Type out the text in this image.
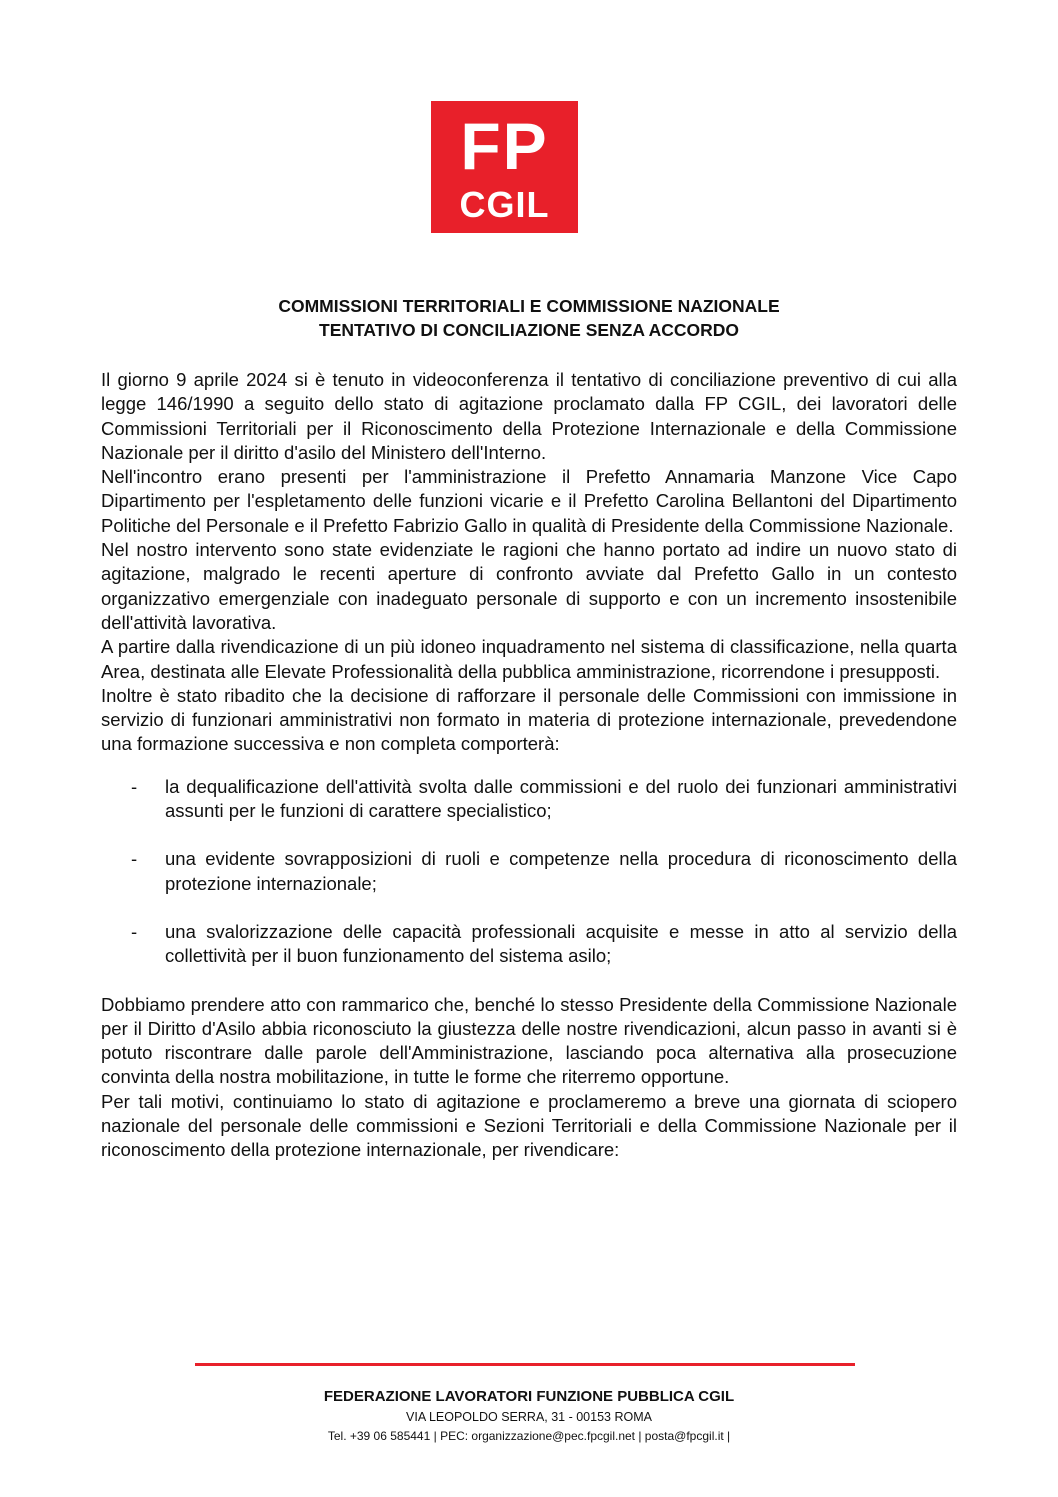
FP
CGIL
COMMISSIONI TERRITORIALI E COMMISSIONE NAZIONALE
TENTATIVO DI CONCILIAZIONE SENZA ACCORDO

Il giorno 9 aprile 2024 si è tenuto in videoconferenza il tentativo di conciliazione preventivo di cui alla legge 146/1990 a seguito dello stato di agitazione proclamato dalla FP CGIL, dei lavoratori delle Commissioni Territoriali per il Riconoscimento della Protezione Internazionale e della Commissione Nazionale per il diritto d'asilo del Ministero dell'Interno.

Nell'incontro erano presenti per l'amministrazione il Prefetto Annamaria Manzone Vice Capo Dipartimento per l'espletamento delle funzioni vicarie e il Prefetto Carolina Bellantoni del Dipartimento Politiche del Personale e il Prefetto Fabrizio Gallo in qualità di Presidente della Commissione Nazionale.

Nel nostro intervento sono state evidenziate le ragioni che hanno portato ad indire un nuovo stato di agitazione, malgrado le recenti aperture di confronto avviate dal Prefetto Gallo in un contesto organizzativo emergenziale con inadeguato personale di supporto e con un incremento insostenibile dell'attività lavorativa.

A partire dalla rivendicazione di un più idoneo inquadramento nel sistema di classificazione, nella quarta Area, destinata alle Elevate Professionalità della pubblica amministrazione, ricorrendone i presupposti.

Inoltre è stato ribadito che la decisione di rafforzare il personale delle Commissioni con immissione in servizio di funzionari amministrativi non formato in materia di protezione internazionale, prevedendone una formazione successiva e non completa comporterà:

- la dequalificazione dell'attività svolta dalle commissioni e del ruolo dei funzionari amministrativi assunti per le funzioni di carattere specialistico;
- una evidente sovrapposizioni di ruoli e competenze nella procedura di riconoscimento della protezione internazionale;
- una svalorizzazione delle capacità professionali acquisite e messe in atto al servizio della collettività per il buon funzionamento del sistema asilo;

Dobbiamo prendere atto con rammarico che, benché lo stesso Presidente della Commissione Nazionale per il Diritto d'Asilo abbia riconosciuto la giustezza delle nostre rivendicazioni, alcun passo in avanti si è potuto riscontrare dalle parole dell'Amministrazione, lasciando poca alternativa alla prosecuzione convinta della nostra mobilitazione, in tutte le forme che riterremo opportune.

Per tali motivi, continuiamo lo stato di agitazione e proclameremo a breve una giornata di sciopero nazionale del personale delle commissioni e Sezioni Territoriali e della Commissione Nazionale per il riconoscimento della protezione internazionale, per rivendicare:

FEDERAZIONE LAVORATORI FUNZIONE PUBBLICA CGIL
VIA LEOPOLDO SERRA, 31 - 00153 ROMA
Tel. +39 06 585441 | PEC: organizzazione@pec.fpcgil.net | posta@fpcgil.it |
